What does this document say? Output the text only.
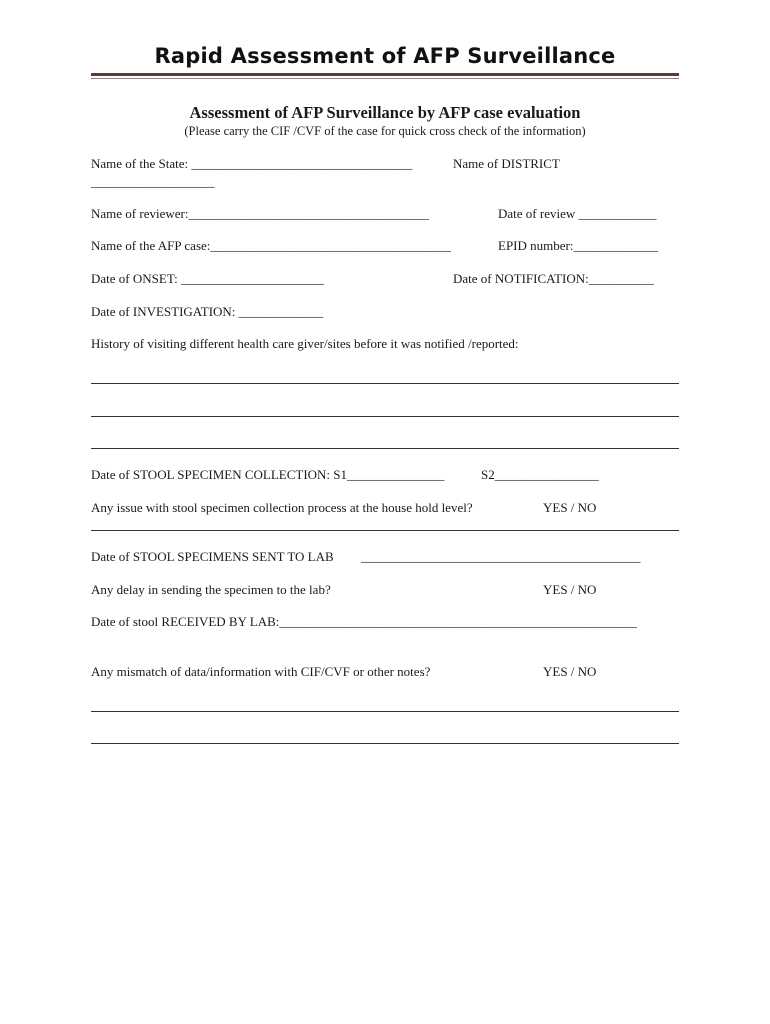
Rapid Assessment of AFP Surveillance
Assessment of AFP Surveillance by AFP case evaluation
(Please carry the CIF /CVF of the case for quick cross check of the information)
Name of the State: __________________________________	Name of DISTRICT
___________________
Name of reviewer:_____________________________________	Date of review ____________
Name of the AFP case:_____________________________________	EPID number:_____________
Date of ONSET: ______________________	Date of NOTIFICATION:__________
Date of INVESTIGATION: _____________
History of visiting different health care giver/sites before it was notified /reported:
Date of STOOL SPECIMEN COLLECTION: S1_______________	S2________________
Any issue with stool specimen collection process at the house hold level?	YES / NO
Date of STOOL SPECIMENS SENT TO LAB ___________________________________________
Any delay in sending the specimen to the lab?	YES / NO
Date of stool RECEIVED BY LAB:_______________________________________________________
Any mismatch of data/information with CIF/CVF or other notes?	YES / NO
